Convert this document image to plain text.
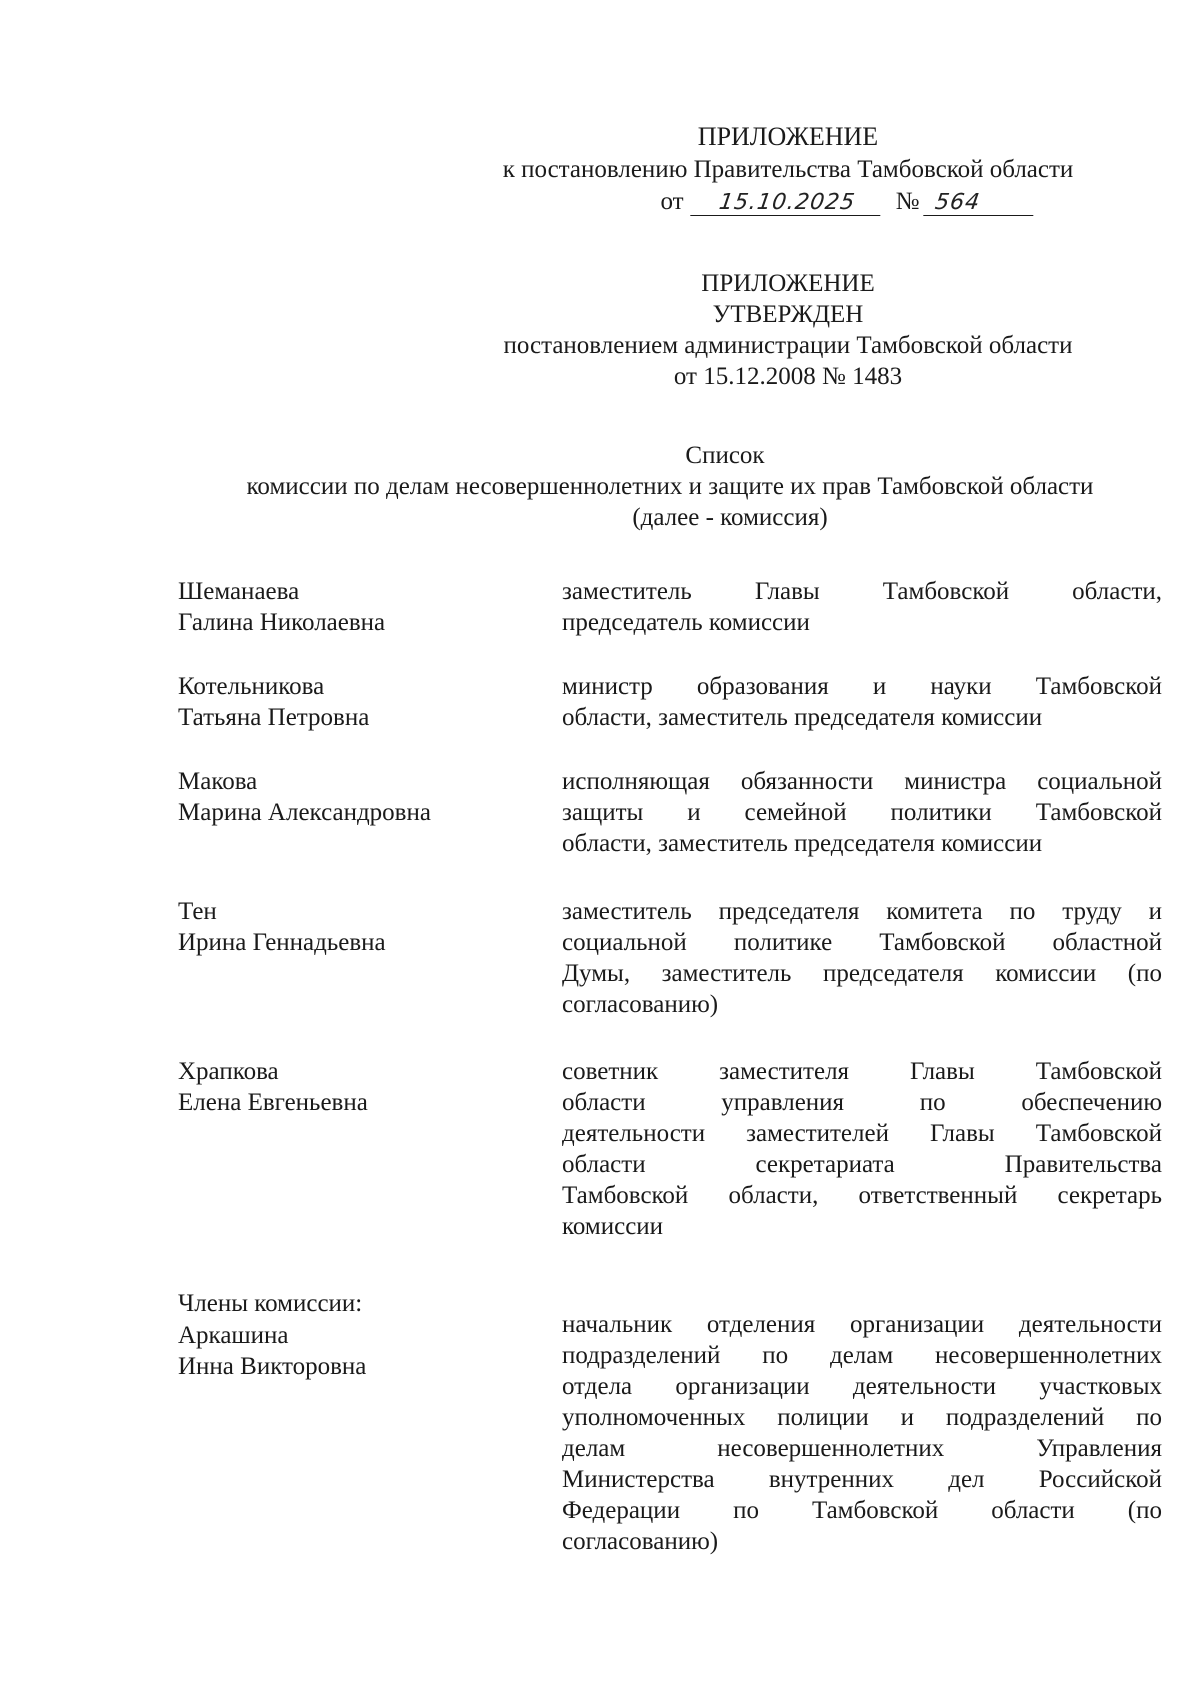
ПРИЛОЖЕНИЕ
к постановлению Правительства Тамбовской области
от	15.10.2025	№ 564
ПРИЛОЖЕНИЕ
УТВЕРЖДЕН
постановлением администрации Тамбовской области
от 15.12.2008 № 1483
Список
комиссии по делам несовершеннолетних и защите их прав Тамбовской области
(далее - комиссия)
Шеманаева
Галина Николаевна
заместитель Главы Тамбовской области,
председатель комиссии
Котельникова
Татьяна Петровна
министр образования и науки Тамбовской
области, заместитель председателя комиссии
Макова
Марина Александровна
исполняющая обязанности министра социальной
защиты и семейной политики Тамбовской
области, заместитель председателя комиссии
Тен
Ирина Геннадьевна
заместитель председателя комитета по труду и
социальной политике Тамбовской областной
Думы, заместитель председателя комиссии (по
согласованию)
Храпкова
Елена Евгеньевна
советник заместителя Главы Тамбовской
области управления по обеспечению
деятельности заместителей Главы Тамбовской
области секретариата Правительства
Тамбовской области, ответственный секретарь
комиссии
Члены комиссии:
Аркашина
Инна Викторовна
начальник отделения организации деятельности
подразделений по делам несовершеннолетних
отдела организации деятельности участковых
уполномоченных полиции и подразделений по
делам несовершеннолетних Управления
Министерства внутренних дел Российской
Федерации по Тамбовской области (по
согласованию)
